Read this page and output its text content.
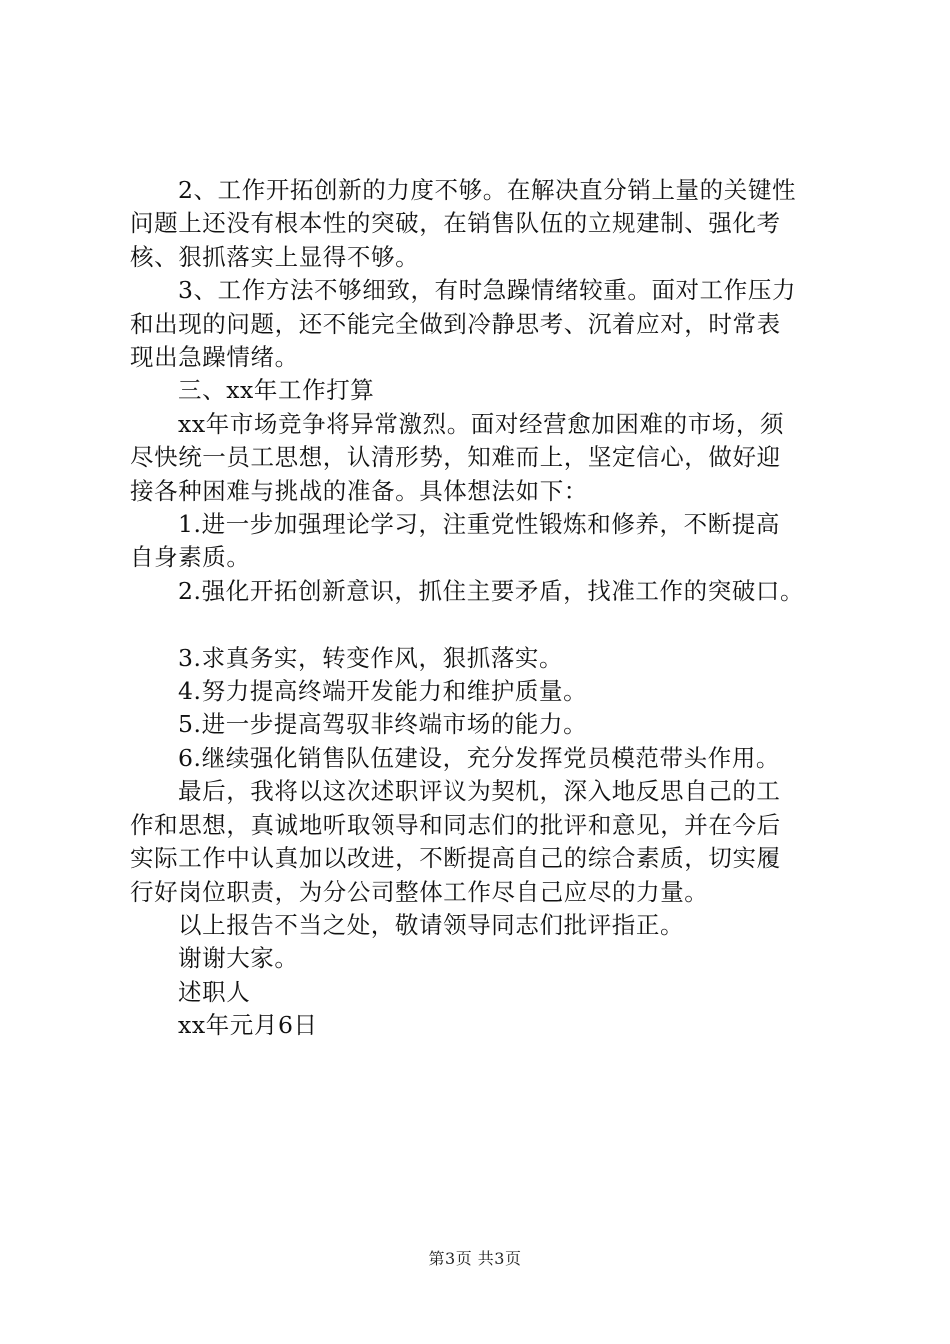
2、工作开拓创新的力度不够。在解决直分销上量的关键性
问题上还没有根本性的突破，在销售队伍的立规建制、强化考
核、狠抓落实上显得不够。
3、工作方法不够细致，有时急躁情绪较重。面对工作压力
和出现的问题，还不能完全做到冷静思考、沉着应对，时常表
现出急躁情绪。
三、xx年工作打算
xx年市场竞争将异常激烈。面对经营愈加困难的市场，须
尽快统一员工思想，认清形势，知难而上，坚定信心，做好迎
接各种困难与挑战的准备。具体想法如下：
1.进一步加强理论学习，注重党性锻炼和修养，不断提高
自身素质。
2.强化开拓创新意识，抓住主要矛盾，找准工作的突破口。
3.求真务实，转变作风，狠抓落实。
4.努力提高终端开发能力和维护质量。
5.进一步提高驾驭非终端市场的能力。
6.继续强化销售队伍建设，充分发挥党员模范带头作用。
最后，我将以这次述职评议为契机，深入地反思自己的工
作和思想，真诚地听取领导和同志们的批评和意见，并在今后
实际工作中认真加以改进，不断提高自己的综合素质，切实履
行好岗位职责，为分公司整体工作尽自己应尽的力量。
以上报告不当之处，敬请领导同志们批评指正。
谢谢大家。
述职人
xx年元月6日
第3页 共3页
